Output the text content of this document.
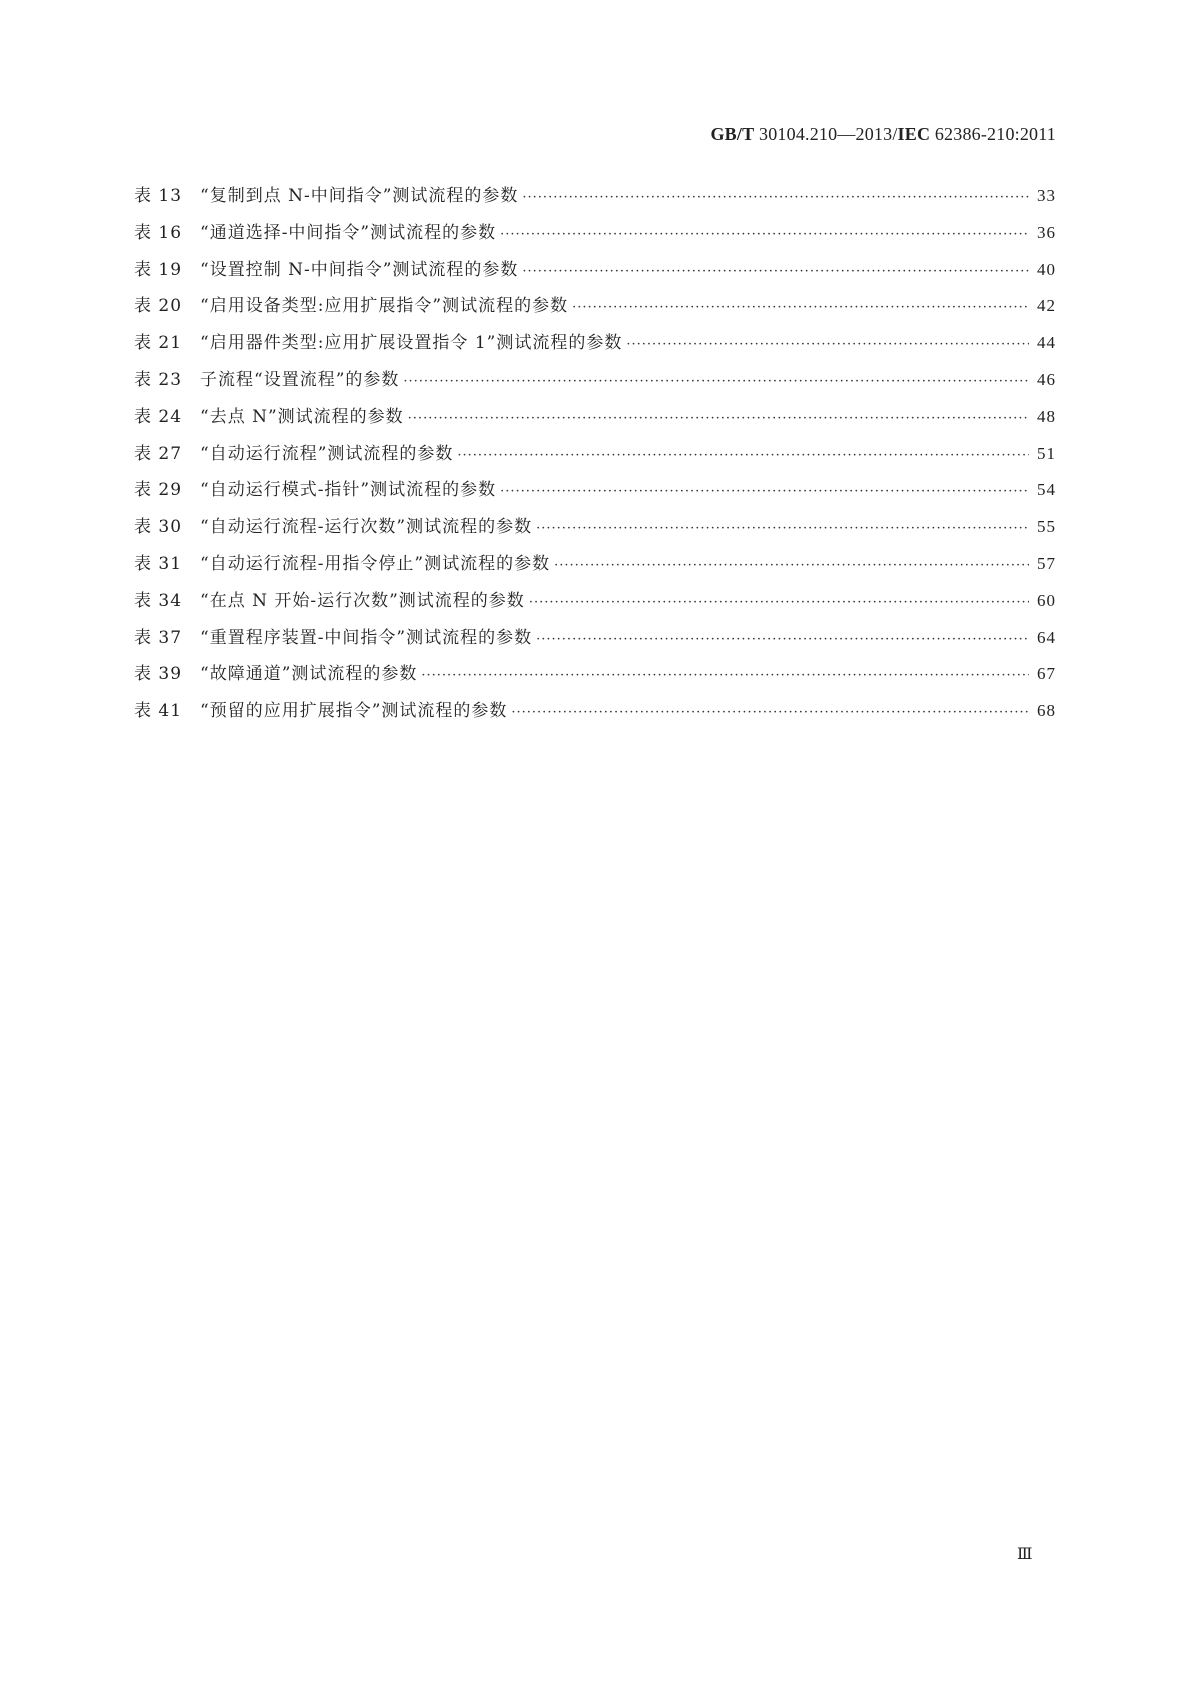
GB/T 30104.210—2013/IEC 62386-210:2011
表 13	“复制到点 N-中间指令”测试流程的参数 ·····	33
表 16	“通道选择-中间指令”测试流程的参数 ·····	36
表 19	“设置控制 N-中间指令”测试流程的参数 ·····	40
表 20	“启用设备类型:应用扩展指令”测试流程的参数 ·····	42
表 21	“启用器件类型:应用扩展设置指令 1”测试流程的参数 ·····	44
表 23	子流程“设置流程”的参数 ·····	46
表 24	“去点 N”测试流程的参数 ·····	48
表 27	“自动运行流程”测试流程的参数 ·····	51
表 29	“自动运行模式-指针”测试流程的参数 ·····	54
表 30	“自动运行流程-运行次数”测试流程的参数 ·····	55
表 31	“自动运行流程-用指令停止”测试流程的参数 ·····	57
表 34	“在点 N 开始-运行次数”测试流程的参数 ·····	60
表 37	“重置程序装置-中间指令”测试流程的参数 ·····	64
表 39	“故障通道”测试流程的参数 ·····	67
表 41	“预留的应用扩展指令”测试流程的参数 ·····	68
Ⅲ
